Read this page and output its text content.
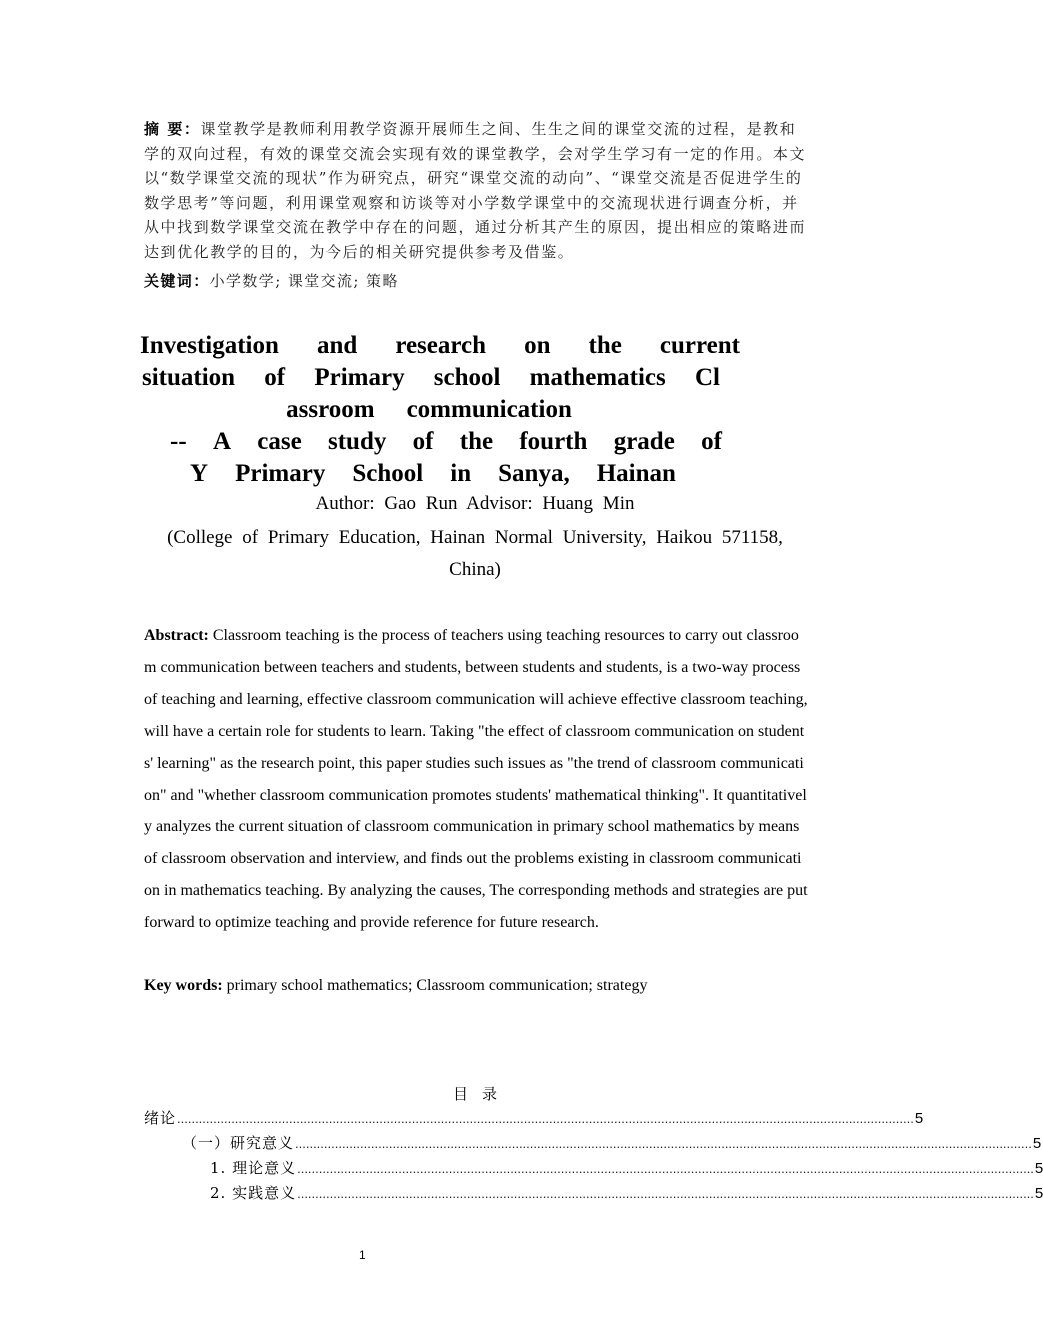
摘 要：课堂教学是教师利用教学资源开展师生之间、生生之间的课堂交流的过程，是教和学的双向过程，有效的课堂交流会实现有效的课堂教学，会对学生学习有一定的作用。本文以“数学课堂交流的现状”作为研究点，研究“课堂交流的动向”、“课堂交流是否促进学生的数学思考”等问题，利用课堂观察和访谈等对小学数学课堂中的交流现状进行调查分析，并从中找到数学课堂交流在教学中存在的问题，通过分析其产生的原因，提出相应的策略进而达到优化教学的目的，为今后的相关研究提供参考及借鉴。
关键词：小学数学; 课堂交流; 策略
Investigation and research on the current
situation of Primary school mathematics Cl
assroom communication
-- A case study of the fourth grade of
Y Primary School in Sanya, Hainan
Author: Gao Run Advisor: Huang Min
(College of Primary Education, Hainan Normal University, Haikou 571158, China)
Abstract: Classroom teaching is the process of teachers using teaching resources to carry out classroom communication between teachers and students, between students and students, is a two-way process of teaching and learning, effective classroom communication will achieve effective classroom teaching, will have a certain role for students to learn. Taking "the effect of classroom communication on students' learning" as the research point, this paper studies such issues as "the trend of classroom communication" and "whether classroom communication promotes students' mathematical thinking". It quantitatively analyzes the current situation of classroom communication in primary school mathematics by means of classroom observation and interview, and finds out the problems existing in classroom communication in mathematics teaching. By analyzing the causes, The corresponding methods and strategies are put forward to optimize teaching and provide reference for future research.
Key words: primary school mathematics; Classroom communication; strategy
目录
绪论 ............................................................................................................................................................................................................ 5
（一）研究意义 ............................................................................................................................................................................................................ 5
1. 理论意义 ............................................................................................................................................................................................................ 5
2. 实践意义 ............................................................................................................................................................................................................ 5
1
